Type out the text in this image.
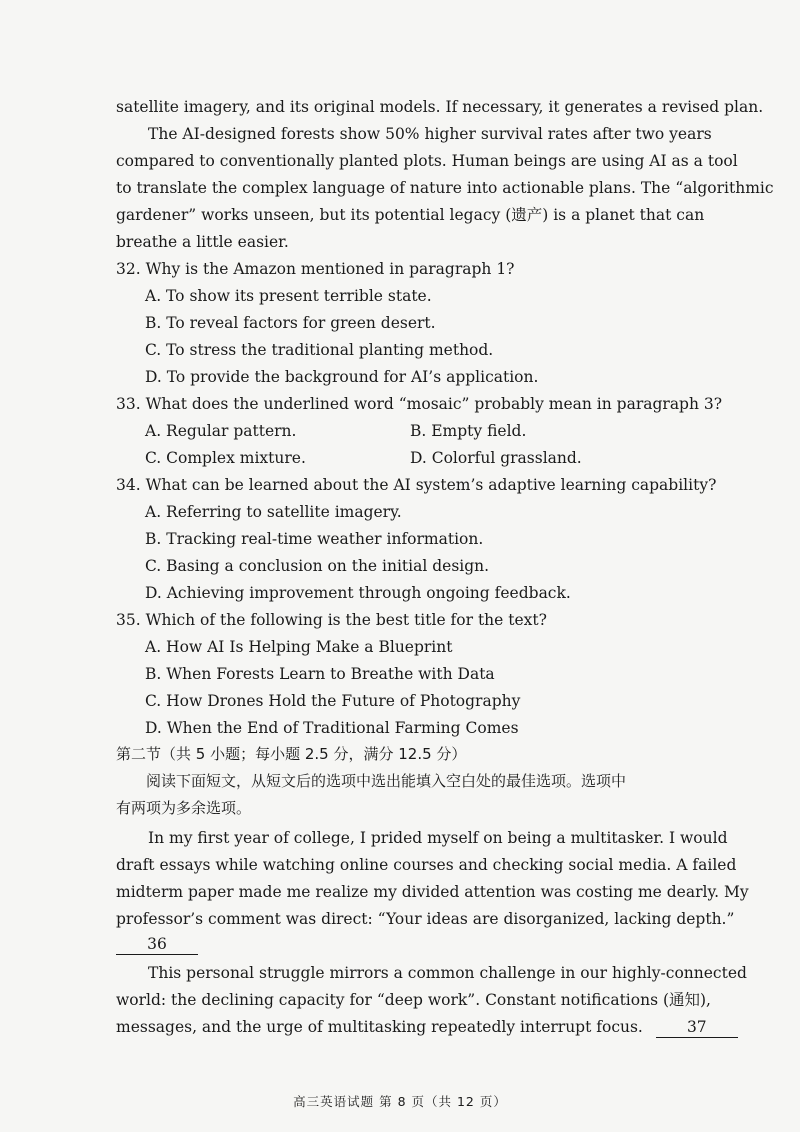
satellite imagery, and its original models. If necessary, it generates a revised plan.
The AI-designed forests show 50% higher survival rates after two years
compared to conventionally planted plots. Human beings are using AI as a tool
to translate the complex language of nature into actionable plans. The “algorithmic
gardener” works unseen, but its potential legacy (遗产) is a planet that can
breathe a little easier.
32. Why is the Amazon mentioned in paragraph 1?
A. To show its present terrible state.
B. To reveal factors for green desert.
C. To stress the traditional planting method.
D. To provide the background for AI’s application.
33. What does the underlined word “mosaic” probably mean in paragraph 3?
A. Regular pattern.	B. Empty field.
C. Complex mixture.	D. Colorful grassland.
34. What can be learned about the AI system’s adaptive learning capability?
A. Referring to satellite imagery.
B. Tracking real-time weather information.
C. Basing a conclusion on the initial design.
D. Achieving improvement through ongoing feedback.
35. Which of the following is the best title for the text?
A. How AI Is Helping Make a Blueprint
B. When Forests Learn to Breathe with Data
C. How Drones Hold the Future of Photography
D. When the End of Traditional Farming Comes
第二节（共 5 小题；每小题 2.5 分，满分 12.5 分）
阅读下面短文，从短文后的选项中选出能填入空白处的最佳选项。选项中
有两项为多余选项。
In my first year of college, I prided myself on being a multitasker. I would
draft essays while watching online courses and checking social media. A failed
midterm paper made me realize my divided attention was costing me dearly. My
professor’s comment was direct: “Your ideas are disorganized, lacking depth.”
36
This personal struggle mirrors a common challenge in our highly-connected
world: the declining capacity for “deep work”. Constant notifications (通知),
messages, and the urge of multitasking repeatedly interrupt focus.	37
高三英语试题 第 8 页（共 12 页）
